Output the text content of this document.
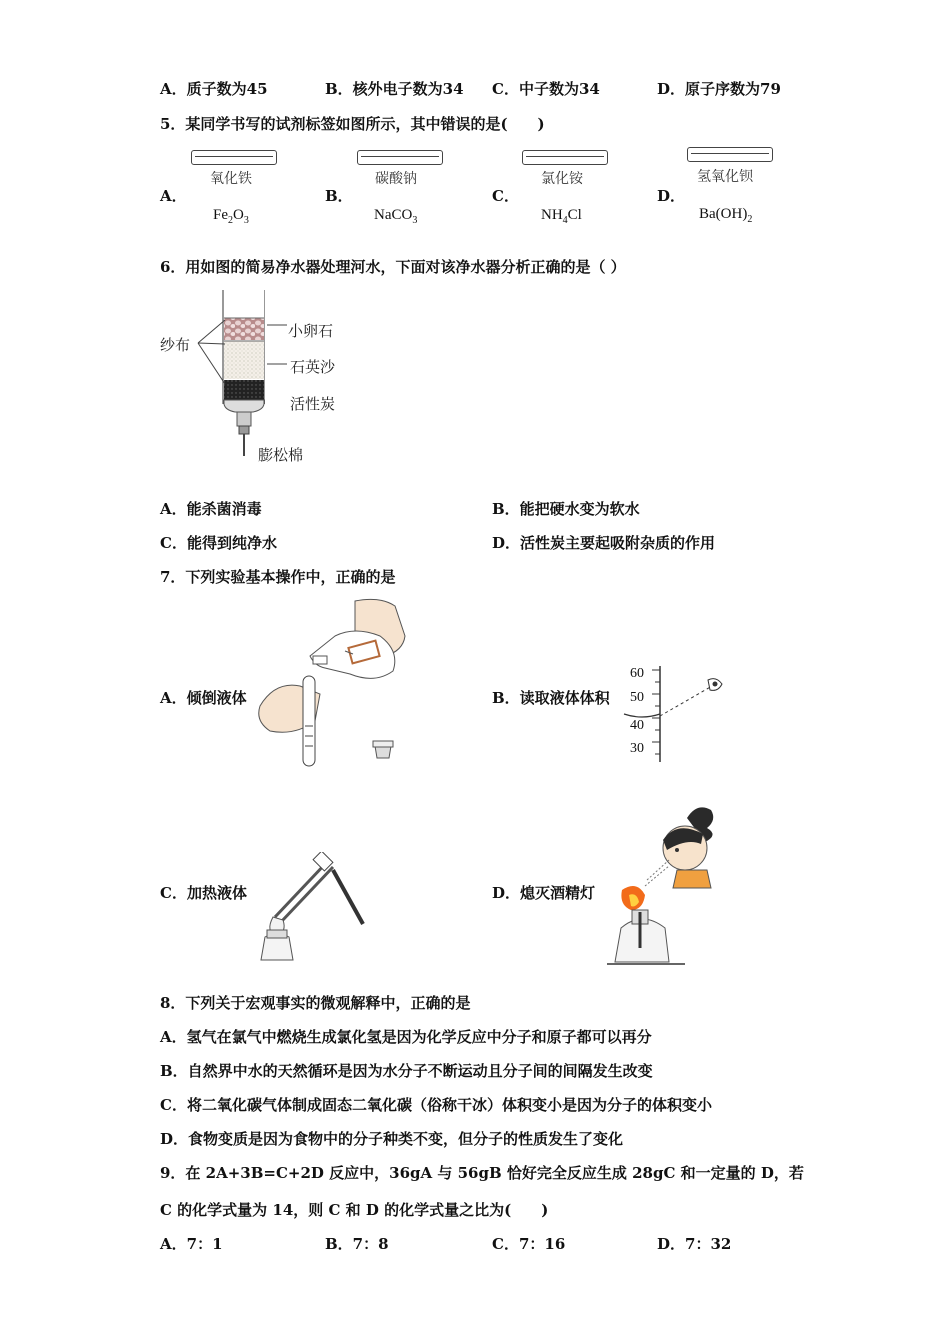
A．质子数为45	B．核外电子数为34 C．中子数为34	D．原子序数为79
5．某同学书写的试剂标签如图所示，其中错误的是(　　)
A．
氧化铁
$Fe_2O_3$
B．
碳酸钠
NaCO$_3$
C．
氯化铵
$NH_4Cl$
D．
氢氧化钡
$Ba(OH)_2$
6．用如图的简易净水器处理河水，下面对该净水器分析正确的是（ ）
纱布
小卵石
石英沙
活性炭
膨松棉
A．能杀菌消毒	B．能把硬水变为软水
C．能得到纯净水	D．活性炭主要起吸附杂质的作用
7．下列实验基本操作中，正确的是
A．倾倒液体	B．读取液体体积
60
50
40
30
C．加热液体	D．熄灭酒精灯
8．下列关于宏观事实的微观解释中，正确的是
A．氢气在氯气中燃烧生成氯化氢是因为化学反应中分子和原子都可以再分
B．自然界中水的天然循环是因为水分子不断运动且分子间的间隔发生改变
C．将二氧化碳气体制成固态二氧化碳（俗称干冰）体积变小是因为分子的体积变小
D．食物变质是因为食物中的分子种类不变，但分子的性质发生了变化
9．在 2A+3B=C+2D 反应中，36gA 与 56gB 恰好完全反应生成 28gC 和一定量的 D，若
C 的化学式量为 14，则 C 和 D 的化学式量之比为(　　)
A．7：1	B．7：8	C．7：16	D．7：32
